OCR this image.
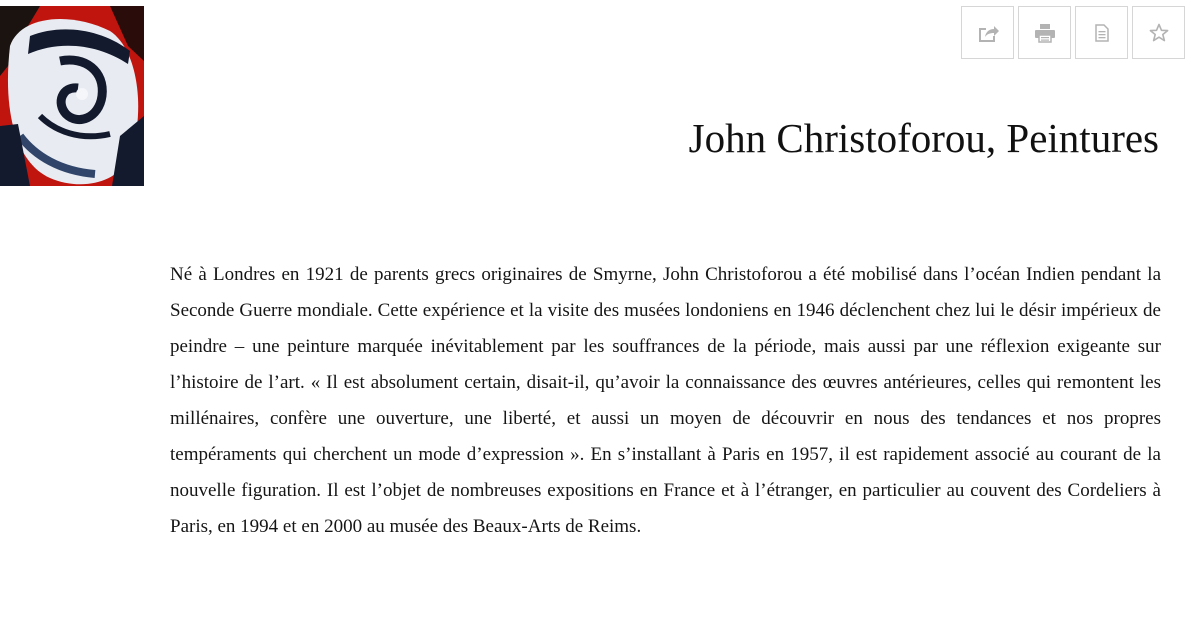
John Christoforou, Peintures

Né à Londres en 1921 de parents grecs originaires de Smyrne, John Christoforou a été mobilisé dans l’océan Indien pendant la Seconde Guerre mondiale. Cette expérience et la visite des musées londoniens en 1946 déclenchent chez lui le désir impérieux de peindre – une peinture marquée inévitablement par les souffrances de la période, mais aussi par une réflexion exigeante sur l’histoire de l’art. « Il est absolument certain, disait-il, qu’avoir la connaissance des œuvres antérieures, celles qui remontent les millénaires, confère une ouverture, une liberté, et aussi un moyen de découvrir en nous des tendances et nos propres tempéraments qui cherchent un mode d’expression ». En s’installant à Paris en 1957, il est rapidement associé au courant de la nouvelle figuration. Il est l’objet de nombreuses expositions en France et à l’étranger, en particulier au couvent des Cordeliers à Paris, en 1994 et en 2000 au musée des Beaux-Arts de Reims.
